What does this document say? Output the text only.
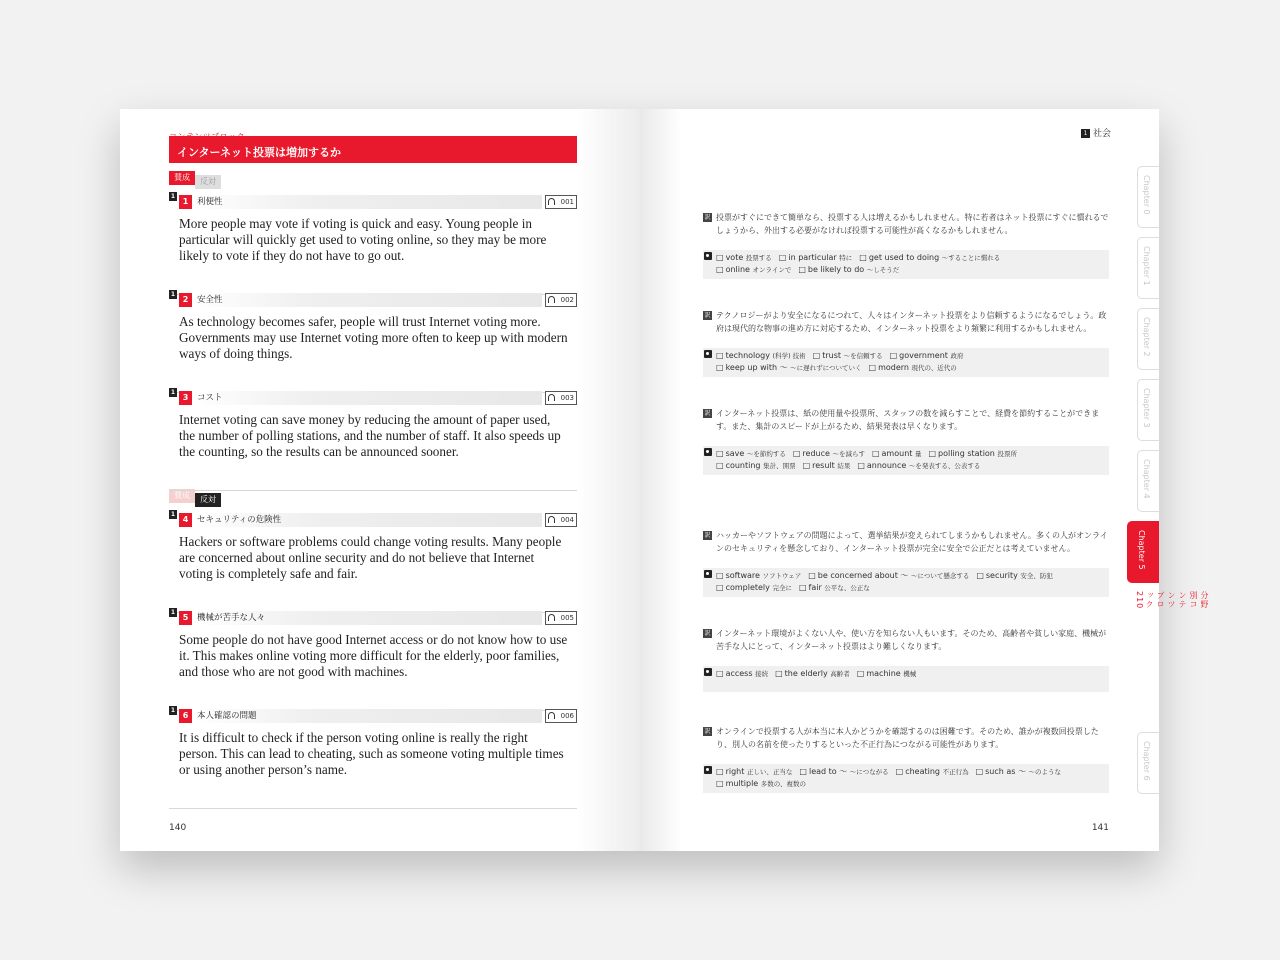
インターネット投票は増加するか
賛成 反対
賛成 反対
1
1	利便性	001
More people may vote if voting is quick and easy. Young people in particular will quickly get used to voting online, so they may be more likely to vote if they do not have to go out.
1
2	安全性	002
As technology becomes safer, people will trust Internet voting more. Governments may use Internet voting more often to keep up with modern ways of doing things.
1
3	コスト	003
Internet voting can save money by reducing the amount of paper used, the number of polling stations, and the number of staff. It also speeds up the counting, so the results can be announced sooner.
1
4	セキュリティの危険性	004
Hackers or software problems could change voting results. Many people are concerned about online security and do not believe that Internet voting is completely safe and fair.
1
5	機械が苦手な人々	005
Some people do not have good Internet access or do not know how to use it. This makes online voting more difficult for the elderly, poor families, and those who are not good with machines.
1
6	本人確認の問題	006
It is difficult to check if the person voting online is really the right person. This can lead to cheating, such as someone voting multiple times or using another person’s name.
140
1 社会
訳 投票がすぐにできて簡単なら、投票する人は増えるかもしれません。特に若者はネット投票にすぐに慣れるでしょうから、外出する必要がなければ投票する可能性が高くなるかもしれません。
□ vote 投票する □ in particular 特に □ get used to doing ～することに慣れる
□ online オンラインで □ be likely to do ～しそうだ
訳 テクノロジーがより安全になるにつれて、人々はインターネット投票をより信頼するようになるでしょう。政府は現代的な物事の進め方に対応するため、インターネット投票をより頻繁に利用するかもしれません。
□ technology (科学) 技術 □ trust ～を信頼する □ government 政府
□ keep up with ～ ～に遅れずについていく □ modern 現代の、近代の
訳 インターネット投票は、紙の使用量や投票所、スタッフの数を減らすことで、経費を節約することができます。また、集計のスピードが上がるため、結果発表は早くなります。
□ save ～を節約する □ reduce ～を減らす □ amount 量 □ polling station 投票所
□ counting 集計、開票 □ result 結果 □ announce ～を発表する、公表する
訳 ハッカーやソフトウェアの問題によって、選挙結果が変えられてしまうかもしれません。多くの人がオンラインのセキュリティを懸念しており、インターネット投票が完全に安全で公正だとは考えていません。
□ software ソフトウェア □ be concerned about ～ ～について懸念する □ security 安全、防犯
□ completely 完全に □ fair 公平な、公正な
訳 インターネット環境がよくない人や、使い方を知らない人もいます。そのため、高齢者や貧しい家庭、機械が苦手な人にとって、インターネット投票はより難しくなります。
□ access 接続 □ the elderly 高齢者 □ machine 機械
訳 オンラインで投票する人が本当に本人かどうかを確認するのは困難です。そのため、誰かが複数回投票したり、別人の名前を使ったりするといった不正行為につながる可能性があります。
□ right 正しい、正当な □ lead to ～ ～につながる □ cheating 不正行為 □ such as ～ ～のような
□ multiple 多数の、複数の
Chapter 0
Chapter 1
Chapter 2
Chapter 3
Chapter 4
Chapter 5
Chapter 6
分野別コンテンツブロック210
141
